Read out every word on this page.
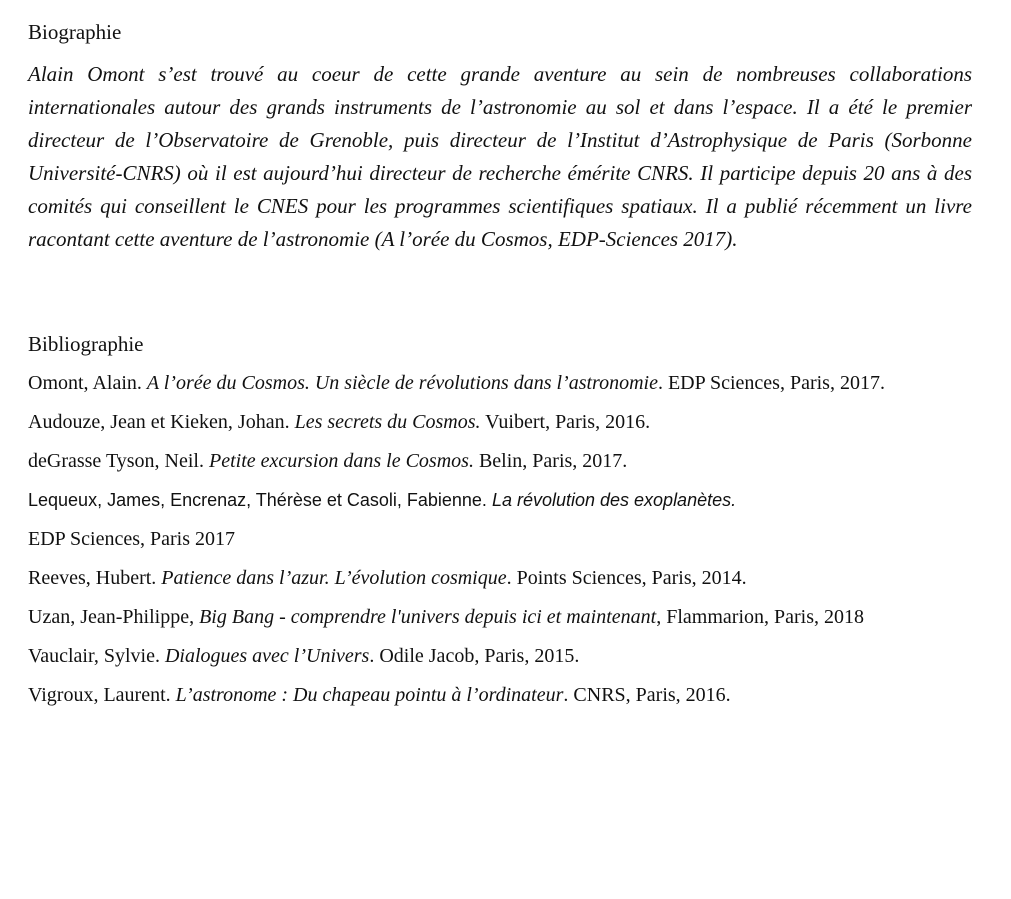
Biographie

Alain Omont s’est trouvé au coeur de cette grande aventure au sein de nombreuses collaborations internationales autour des grands instruments de l’astronomie au sol et dans l’espace. Il a été le premier directeur de l’Observatoire de Grenoble, puis directeur de l’Institut d’Astrophysique de Paris (Sorbonne Université-CNRS) où il est aujourd’hui directeur de recherche émérite CNRS. Il participe depuis 20 ans à des comités qui conseillent le CNES pour les programmes scientifiques spatiaux. Il a publié récemment un livre racontant cette aventure de l’astronomie (A l’orée du Cosmos, EDP-Sciences 2017).

Bibliographie
Omont, Alain. A l’orée du Cosmos. Un siècle de révolutions dans l’astronomie. EDP Sciences, Paris, 2017.
Audouze, Jean et Kieken, Johan. Les secrets du Cosmos. Vuibert, Paris, 2016.
deGrasse Tyson, Neil. Petite excursion dans le Cosmos. Belin, Paris, 2017.
Lequeux, James, Encrenaz, Thérèse et Casoli, Fabienne. La révolution des exoplanètes.
EDP Sciences, Paris 2017
Reeves, Hubert. Patience dans l’azur. L’évolution cosmique. Points Sciences, Paris, 2014.
Uzan, Jean-Philippe, Big Bang - comprendre l'univers depuis ici et maintenant, Flammarion, Paris, 2018
Vauclair, Sylvie. Dialogues avec l’Univers. Odile Jacob, Paris, 2015.
Vigroux, Laurent. L’astronome : Du chapeau pointu à l’ordinateur. CNRS, Paris, 2016.
